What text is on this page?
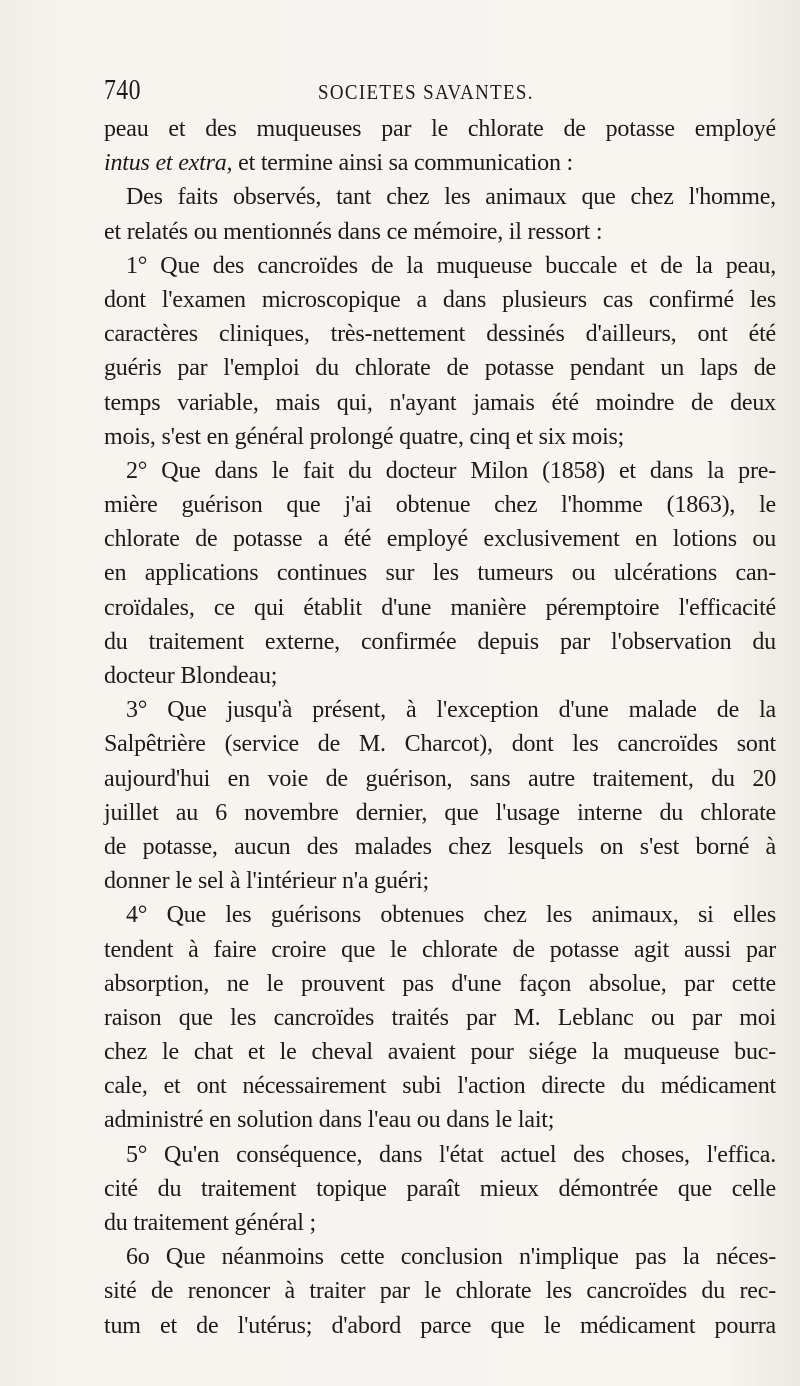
740	SOCIETES SAVANTES.
peau et des muqueuses par le chlorate de potasse employé
intus et extra, et termine ainsi sa communication :
Des faits observés, tant chez les animaux que chez l'homme,
et relatés ou mentionnés dans ce mémoire, il ressort :
1° Que des cancroïdes de la muqueuse buccale et de la peau,
dont l'examen microscopique a dans plusieurs cas confirmé les
caractères cliniques, très-nettement dessinés d'ailleurs, ont été
guéris par l'emploi du chlorate de potasse pendant un laps de
temps variable, mais qui, n'ayant jamais été moindre de deux
mois, s'est en général prolongé quatre, cinq et six mois;
2° Que dans le fait du docteur Milon (1858) et dans la pre-
mière guérison que j'ai obtenue chez l'homme (1863), le
chlorate de potasse a été employé exclusivement en lotions ou
en applications continues sur les tumeurs ou ulcérations can-
croïdales, ce qui établit d'une manière péremptoire l'efficacité
du traitement externe, confirmée depuis par l'observation du
docteur Blondeau;
3° Que jusqu'à présent, à l'exception d'une malade de la
Salpêtrière (service de M. Charcot), dont les cancroïdes sont
aujourd'hui en voie de guérison, sans autre traitement, du 20
juillet au 6 novembre dernier, que l'usage interne du chlorate
de potasse, aucun des malades chez lesquels on s'est borné à
donner le sel à l'intérieur n'a guéri;
4° Que les guérisons obtenues chez les animaux, si elles
tendent à faire croire que le chlorate de potasse agit aussi par
absorption, ne le prouvent pas d'une façon absolue, par cette
raison que les cancroïdes traités par M. Leblanc ou par moi
chez le chat et le cheval avaient pour siége la muqueuse buc-
cale, et ont nécessairement subi l'action directe du médicament
administré en solution dans l'eau ou dans le lait;
5° Qu'en conséquence, dans l'état actuel des choses, l'effica.
cité du traitement topique paraît mieux démontrée que celle
du traitement général ;
6o Que néanmoins cette conclusion n'implique pas la néces-
sité de renoncer à traiter par le chlorate les cancroïdes du rec-
tum et de l'utérus; d'abord parce que le médicament pourra
